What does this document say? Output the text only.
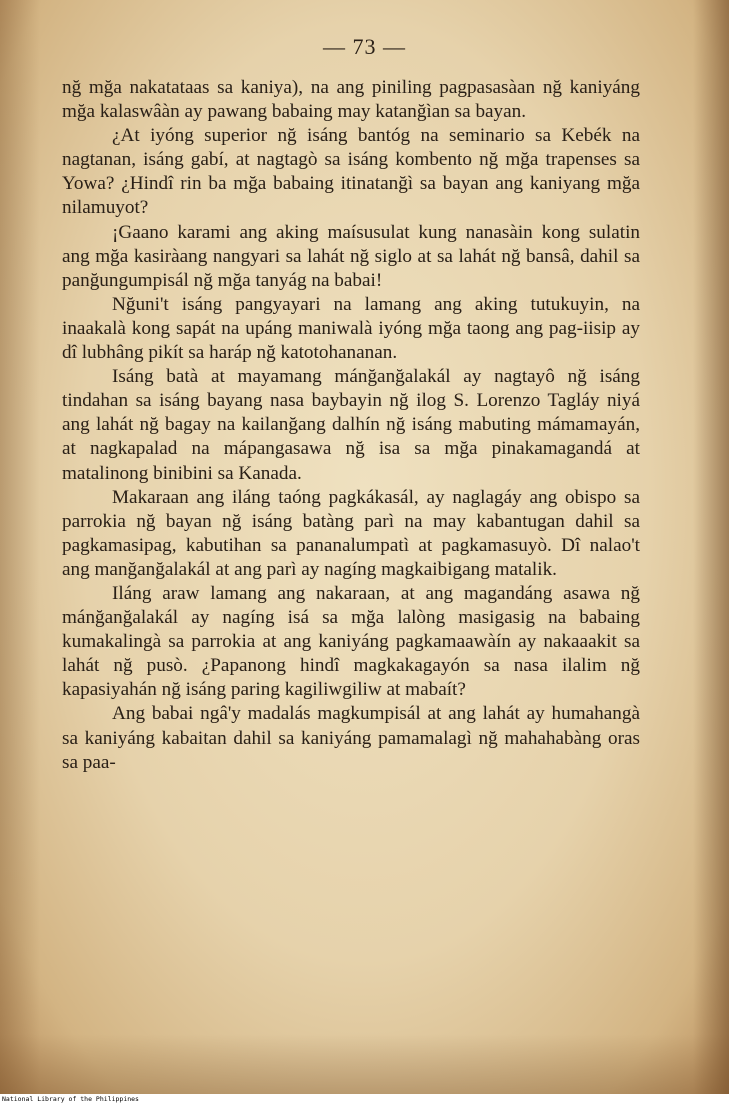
— 73 —

nğ mğa nakatataas sa kaniya), na ang piniling pagpasasàan nğ kaniyáng mğa kalaswâàn ay pawang babaing may katanğìan sa bayan.

¿At iyóng superior nğ isáng bantóg na seminario sa Kebék na nagtanan, isáng gabí, at nagtagò sa isáng kombento nğ mğa trapenses sa Yowa? ¿Hindî rin ba mğa babaing itinatanğì sa bayan ang kaniyang mğa nilamuyot?

¡Gaano karami ang aking maísusulat kung nanasàin kong sulatin ang mğa kasiràang nangyari sa lahát nğ siglo at sa lahát nğ bansâ, dahil sa panğungumpisál nğ mğa tanyág na babai!

Nğuni't isáng pangyayari na lamang ang aking tutukuyin, na inaakalà kong sapát na upáng maniwalà iyóng mğa taong ang pag-iisip ay dî lubhâng pikít sa haráp nğ katotohananan.

Isáng batà at mayamang mánğanğalakál ay nagtayô nğ isáng tindahan sa isáng bayang nasa baybayin nğ ilog S. Lorenzo Tagláy niyá ang lahát nğ bagay na kailanğang dalhín nğ isáng mabuting mámamayán, at nagkapalad na mápangasawa nğ isa sa mğa pinakamagandá at matalinong binibini sa Kanada.

Makaraan ang iláng taóng pagkákasál, ay naglagáy ang obispo sa parrokia nğ bayan nğ isáng batàng parì na may kabantugan dahil sa pagkamasipag, kabutihan sa pananalumpatì at pagkamasuyò. Dî nalao't ang manğanğalakál at ang parì ay nagíng magkaibigang matalik.

Iláng araw lamang ang nakaraan, at ang magandáng asawa nğ mánğanğalakál ay nagíng isá sa mğa lalòng masigasig na babaing kumakalingà sa parrokia at ang kaniyáng pagkamaawàín ay nakaaakit sa lahát nğ pusò. ¿Papanong hindî magkakagayón sa nasa ilalim nğ kapasiyahán nğ isáng paring kagiliwgiliw at mabaít?

Ang babai ngâ'y madalás magkumpisál at ang lahát ay humahangà sa kaniyáng kabaitan dahil sa kaniyáng pamamalagì nğ mahahabàng oras sa paa-

National Library of the Philippines
